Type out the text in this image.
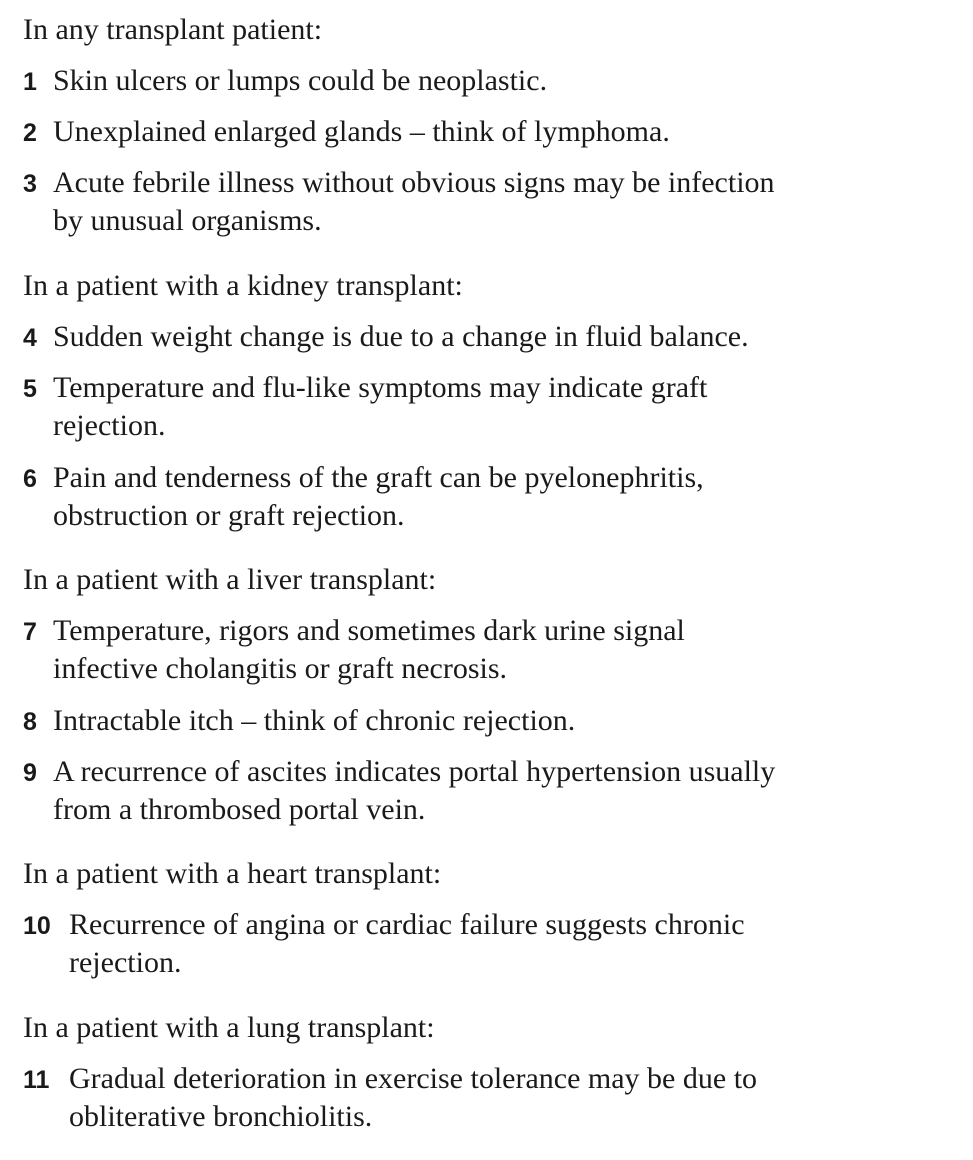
In any transplant patient:

1 Skin ulcers or lumps could be neoplastic.
2 Unexplained enlarged glands – think of lymphoma.
3 Acute febrile illness without obvious signs may be infection
by unusual organisms.

In a patient with a kidney transplant:

4 Sudden weight change is due to a change in fluid balance.
5 Temperature and flu-like symptoms may indicate graft
rejection.
6 Pain and tenderness of the graft can be pyelonephritis,
obstruction or graft rejection.

In a patient with a liver transplant:

7 Temperature, rigors and sometimes dark urine signal
infective cholangitis or graft necrosis.
8 Intractable itch – think of chronic rejection.
9 A recurrence of ascites indicates portal hypertension usually
from a thrombosed portal vein.

In a patient with a heart transplant:

10 Recurrence of angina or cardiac failure suggests chronic
rejection.

In a patient with a lung transplant:

11 Gradual deterioration in exercise tolerance may be due to
obliterative bronchiolitis.
